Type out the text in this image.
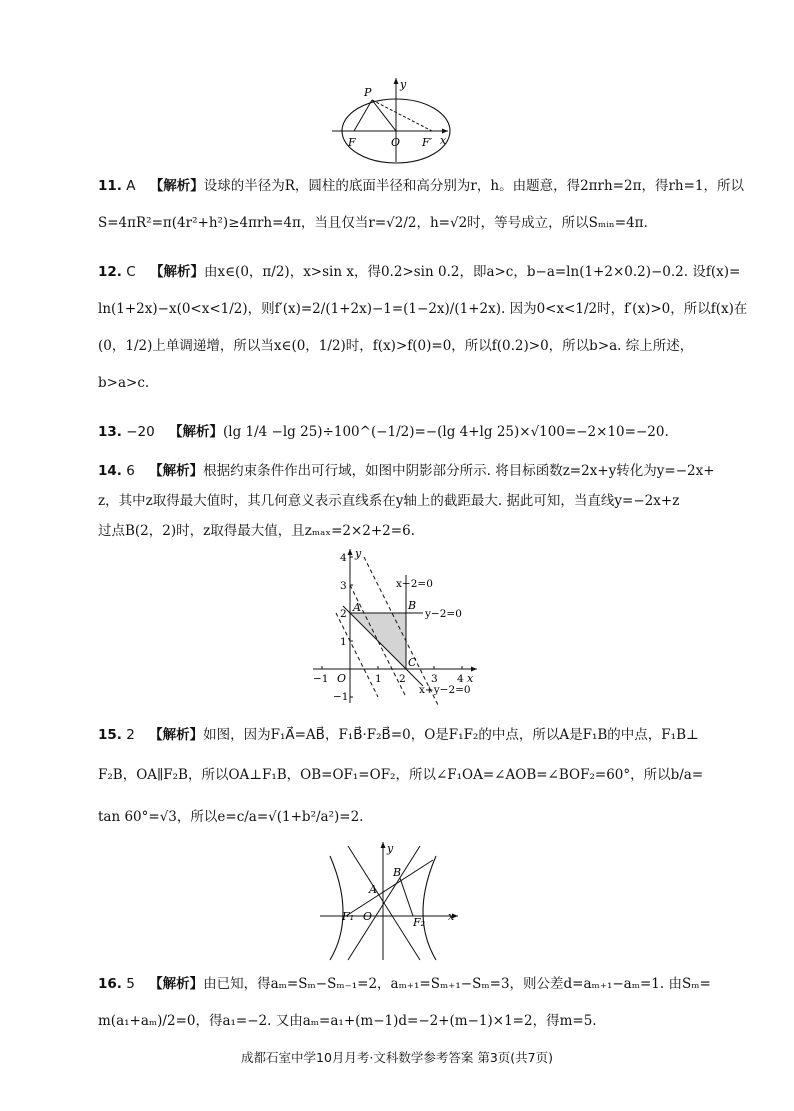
P
y
F	O F′ x
11. A 【解析】设球的半径为R，圆柱的底面半径和高分别为r，h。由题意，得2πrh=2π，得rh=1，所以
S=4πR²=π(4r²+h²)≥4πrh=4π，当且仅当r=√2/2，h=√2时，等号成立，所以Sₘᵢₙ=4π.
12. C 【解析】由x∈(0，π/2)，x>sin x，得0.2>sin 0.2，即a>c，b−a=ln(1+2×0.2)−0.2. 设f(x)=
ln(1+2x)−x(0<x<1/2)，则f′(x)=2/(1+2x)−1=(1−2x)/(1+2x). 因为0<x<1/2时，f′(x)>0，所以f(x)在
(0，1/2)上单调递增，所以当x∈(0，1/2)时，f(x)>f(0)=0，所以f(0.2)>0，所以b>a. 综上所述，
b>a>c.
13. −20 【解析】(lg 1/4 −lg 25)÷100^(−1/2)=−(lg 4+lg 25)×√100=−2×10=−20.
14. 6 【解析】根据约束条件作出可行域，如图中阴影部分所示. 将目标函数z=2x+y转化为y=−2x+
z，其中z取得最大值时，其几何意义表示直线系在y轴上的截距最大. 据此可知，当直线y=−2x+z
过点B(2，2)时，z取得最大值，且zₘₐₓ=2×2+2=6.
y
x
O
A	B
C
−1	1 2 3 4
4
3
2
1
−1
x−2=0
y−2=0
x+y−2=0
15. 2 【解析】如图，因为F₁A⃗=AB⃗，F₁B⃗·F₂B⃗=0，O是F₁F₂的中点，所以A是F₁B的中点，F₁B⊥
F₂B，OA∥F₂B，所以OA⊥F₁B，OB=OF₁=OF₂，所以∠F₁OA=∠AOB=∠BOF₂=60°，所以b/a=
tan 60°=√3，所以e=c/a=√(1+b²/a²)=2.
y
x
O
A
B
F₁	F₂
16. 5 【解析】由已知，得aₘ=Sₘ−Sₘ₋₁=2，aₘ₊₁=Sₘ₊₁−Sₘ=3，则公差d=aₘ₊₁−aₘ=1. 由Sₘ=
m(a₁+aₘ)/2=0，得a₁=−2. 又由aₘ=a₁+(m−1)d=−2+(m−1)×1=2，得m=5.
成都石室中学10月月考·文科数学参考答案 第3页(共7页)
